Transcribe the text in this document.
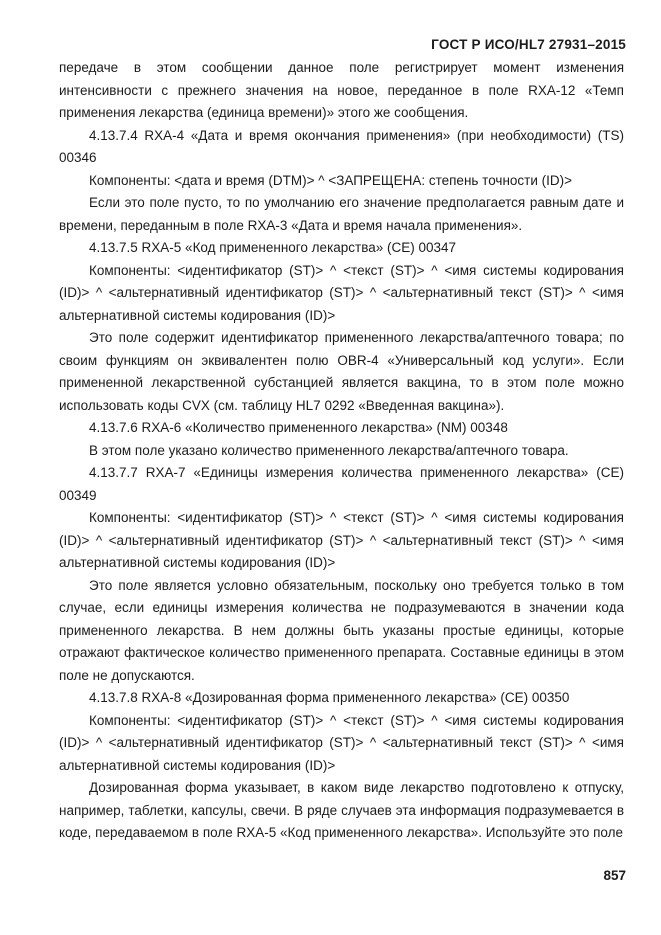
ГОСТ Р ИСО/HL7 27931–2015

передаче в этом сообщении данное поле регистрирует момент изменения интенсивности с прежнего значения на новое, переданное в поле RXA-12 «Темп применения лекарства (единица времени)» этого же сообщения.

4.13.7.4 RXA-4 «Дата и время окончания применения» (при необходимости) (TS)
00346

Компоненты: <дата и время (DTM)> ^ <ЗАПРЕЩЕНА: степень точности (ID)>

Если это поле пусто, то по умолчанию его значение предполагается равным дате и времени, переданным в поле RXA-3 «Дата и время начала применения».

4.13.7.5 RXA-5 «Код примененного лекарства» (CE) 00347

Компоненты: <идентификатор (ST)> ^ <текст (ST)> ^ <имя системы кодирования (ID)> ^ <альтернативный идентификатор (ST)> ^ <альтернативный текст (ST)> ^ <имя альтернативной системы кодирования (ID)>

Это поле содержит идентификатор примененного лекарства/аптечного товара; по своим функциям он эквивалентен полю OBR-4 «Универсальный код услуги». Если примененной лекарственной субстанцией является вакцина, то в этом поле можно использовать коды CVX (см. таблицу HL7 0292 «Введенная вакцина»).

4.13.7.6 RXA-6 «Количество примененного лекарства» (NM) 00348

В этом поле указано количество примененного лекарства/аптечного товара.

4.13.7.7 RXA-7 «Единицы измерения количества примененного лекарства» (CE)
00349

Компоненты: <идентификатор (ST)> ^ <текст (ST)> ^ <имя системы кодирования (ID)> ^ <альтернативный идентификатор (ST)> ^ <альтернативный текст (ST)> ^ <имя альтернативной системы кодирования (ID)>

Это поле является условно обязательным, поскольку оно требуется только в том случае, если единицы измерения количества не подразумеваются в значении кода примененного лекарства. В нем должны быть указаны простые единицы, которые отражают фактическое количество примененного препарата. Составные единицы в этом поле не допускаются.

4.13.7.8 RXA-8 «Дозированная форма примененного лекарства» (CE) 00350

Компоненты: <идентификатор (ST)> ^ <текст (ST)> ^ <имя системы кодирования (ID)> ^ <альтернативный идентификатор (ST)> ^ <альтернативный текст (ST)> ^ <имя альтернативной системы кодирования (ID)>

Дозированная форма указывает, в каком виде лекарство подготовлено к отпуску, например, таблетки, капсулы, свечи. В ряде случаев эта информация подразумевается в коде, передаваемом в поле RXA-5 «Код примененного лекарства». Используйте это поле

857
